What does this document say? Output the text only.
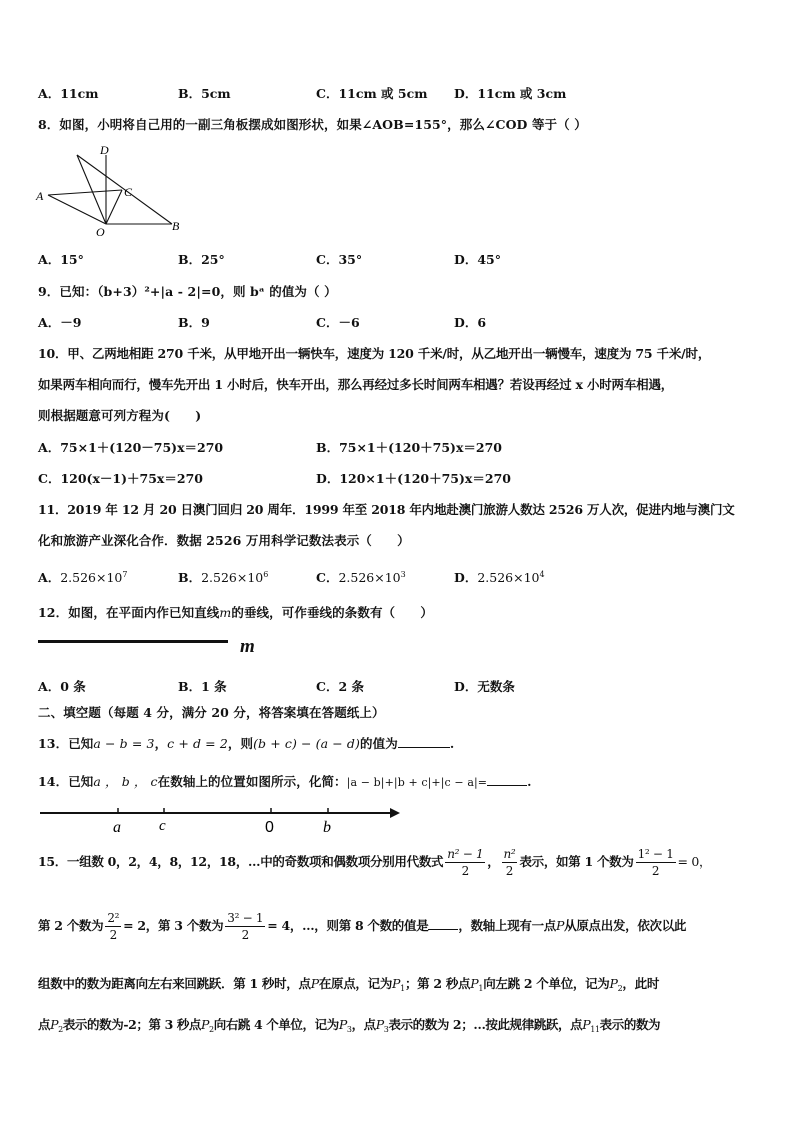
A．11cm	B．5cm	C．11cm 或 5cm D．11cm 或 3cm
8．如图，小明将自己用的一副三角板摆成如图形状，如果∠AOB=155°，那么∠COD 等于（ ）
D
A	C
O	B
A．15°	B．25°	C．35°	D．45°
9．已知：（b+3）²+|a - 2|=0，则 bᵃ 的值为（ ）
A．－9	B．9	C．－6	D．6
10．甲、乙两地相距 270 千米，从甲地开出一辆快车，速度为 120 千米/时，从乙地开出一辆慢车，速度为 75 千米/时，
如果两车相向而行，慢车先开出 1 小时后，快车开出，那么再经过多长时间两车相遇？若设再经过 x 小时两车相遇，
则根据题意可列方程为(　　)
A．75×1＋(120－75)x＝270	B．75×1＋(120＋75)x＝270
C．120(x－1)＋75x＝270	D．120×1＋(120＋75)x＝270
11．2019 年 12 月 20 日澳门回归 20 周年．1999 年至 2018 年内地赴澳门旅游人数达 2526 万人次，促进内地与澳门文
化和旅游产业深化合作．数据 2526 万用科学记数法表示（　　）
A．$2.526\times 10^7$	B．$2.526\times 10^6$	C．$2.526\times 10^3$	D．$2.526\times 10^4$
12．如图，在平面内作已知直线m的垂线，可作垂线的条数有（　　）
m
A．0 条	B．1 条	C．2 条	D．无数条
二、填空题（每题 4 分，满分 20 分，将答案填在答题纸上）
13．已知a − b = 3，c + d = 2，则(b + c) − (a − d)的值为	.
14．已知a ， b ， c在数轴上的位置如图所示，化简：|a − b|+|b + c|+|c − a|=	.
a	c	0	b
15．一组数 0，2，4，8，12，18，…中的奇数项和偶数项分别用代数式 $\frac{\text{n² − 1}}{2}$ ， $\frac{\text{n²}}{2}$ 表示，如第 1 个数为 $\frac{\text{1² − 1}}{2} = 0$，
第 2 个数为 $\frac{\text{2²}}{2} = 2$，第 3 个数为 $\frac{\text{3² − 1}}{2} = 4$，…，则第 8 个数的值是 ，数轴上现有一点P从原点出发，依次以此
组数中的数为距离向左右来回跳跃．第 1 秒时，点P在原点，记为$P_1$；第 2 秒点$P_1$向左跳 2 个单位，记为$P_2$，此时
点$P_2$表示的数为-2；第 3 秒点$P_2$向右跳 4 个单位，记为$P_3$，点$P_3$表示的数为 2；…按此规律跳跃，点$P_{11}$表示的数为
